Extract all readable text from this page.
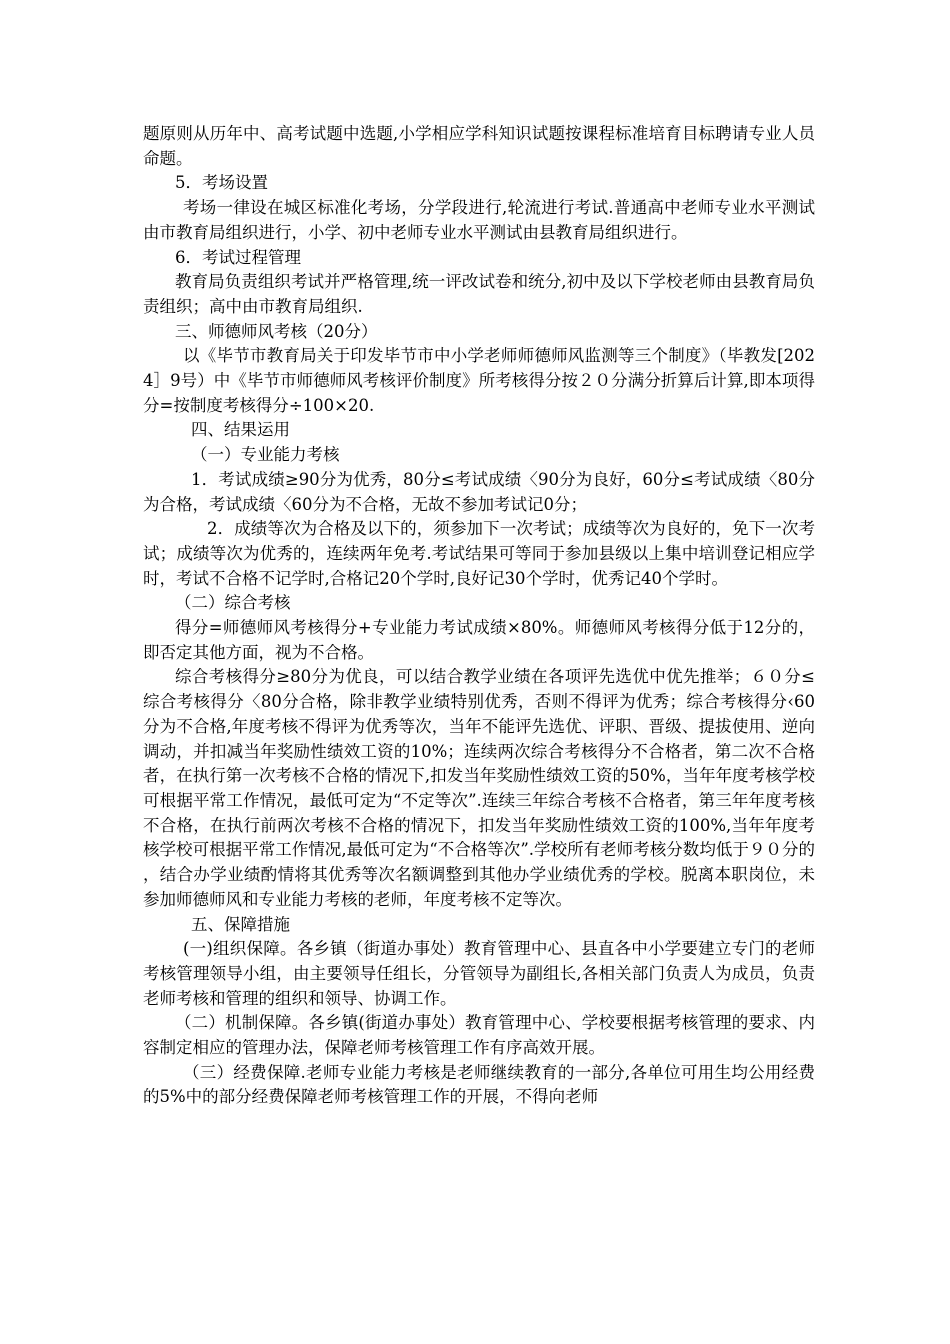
题原则从历年中、高考试题中选题,小学相应学科知识试题按课程标准培育目标聘请专业人员命题。

5．考场设置

考场一律设在城区标准化考场，分学段进行,轮流进行考试.普通高中老师专业水平测试由市教育局组织进行，小学、初中老师专业水平测试由县教育局组织进行。

6．考试过程管理

教育局负责组织考试并严格管理,统一评改试卷和统分,初中及以下学校老师由县教育局负责组织；高中由市教育局组织.

三、师德师风考核（20分）

以《毕节市教育局关于印发毕节市中小学老师师德师风监测等三个制度》（毕教发[2024］9号）中《毕节市师德师风考核评价制度》所考核得分按２０分满分折算后计算,即本项得分=按制度考核得分÷100×20.

四、结果运用

（一）专业能力考核

1．考试成绩≥90分为优秀，80分≤考试成绩〈90分为良好，60分≤考试成绩〈80分为合格，考试成绩〈60分为不合格，无故不参加考试记0分；

2．成绩等次为合格及以下的，须参加下一次考试；成绩等次为良好的，免下一次考试；成绩等次为优秀的，连续两年免考.考试结果可等同于参加县级以上集中培训登记相应学时，考试不合格不记学时,合格记20个学时,良好记30个学时，优秀记40个学时。

（二）综合考核

得分=师德师风考核得分+专业能力考试成绩×80%。师德师风考核得分低于12分的，即否定其他方面，视为不合格。

综合考核得分≥80分为优良，可以结合教学业绩在各项评先选优中优先推举；６０分≤综合考核得分〈80分合格，除非教学业绩特别优秀，否则不得评为优秀；综合考核得分‹60分为不合格,年度考核不得评为优秀等次，当年不能评先选优、评职、晋级、提拔使用、逆向调动，并扣减当年奖励性绩效工资的10%；连续两次综合考核得分不合格者，第二次不合格者，在执行第一次考核不合格的情况下,扣发当年奖励性绩效工资的50%，当年年度考核学校可根据平常工作情况，最低可定为“不定等次”.连续三年综合考核不合格者，第三年年度考核不合格，在执行前两次考核不合格的情况下，扣发当年奖励性绩效工资的100%,当年年度考核学校可根据平常工作情况,最低可定为“不合格等次”.学校所有老师考核分数均低于９０分的，结合办学业绩酌情将其优秀等次名额调整到其他办学业绩优秀的学校。脱离本职岗位，未参加师德师风和专业能力考核的老师，年度考核不定等次。

五、保障措施

(一)组织保障。各乡镇（街道办事处）教育管理中心、县直各中小学要建立专门的老师考核管理领导小组，由主要领导任组长，分管领导为副组长,各相关部门负责人为成员，负责老师考核和管理的组织和领导、协调工作。

（二）机制保障。各乡镇(街道办事处）教育管理中心、学校要根据考核管理的要求、内容制定相应的管理办法，保障老师考核管理工作有序高效开展。

（三）经费保障.老师专业能力考核是老师继续教育的一部分,各单位可用生均公用经费的5%中的部分经费保障老师考核管理工作的开展，不得向老师
